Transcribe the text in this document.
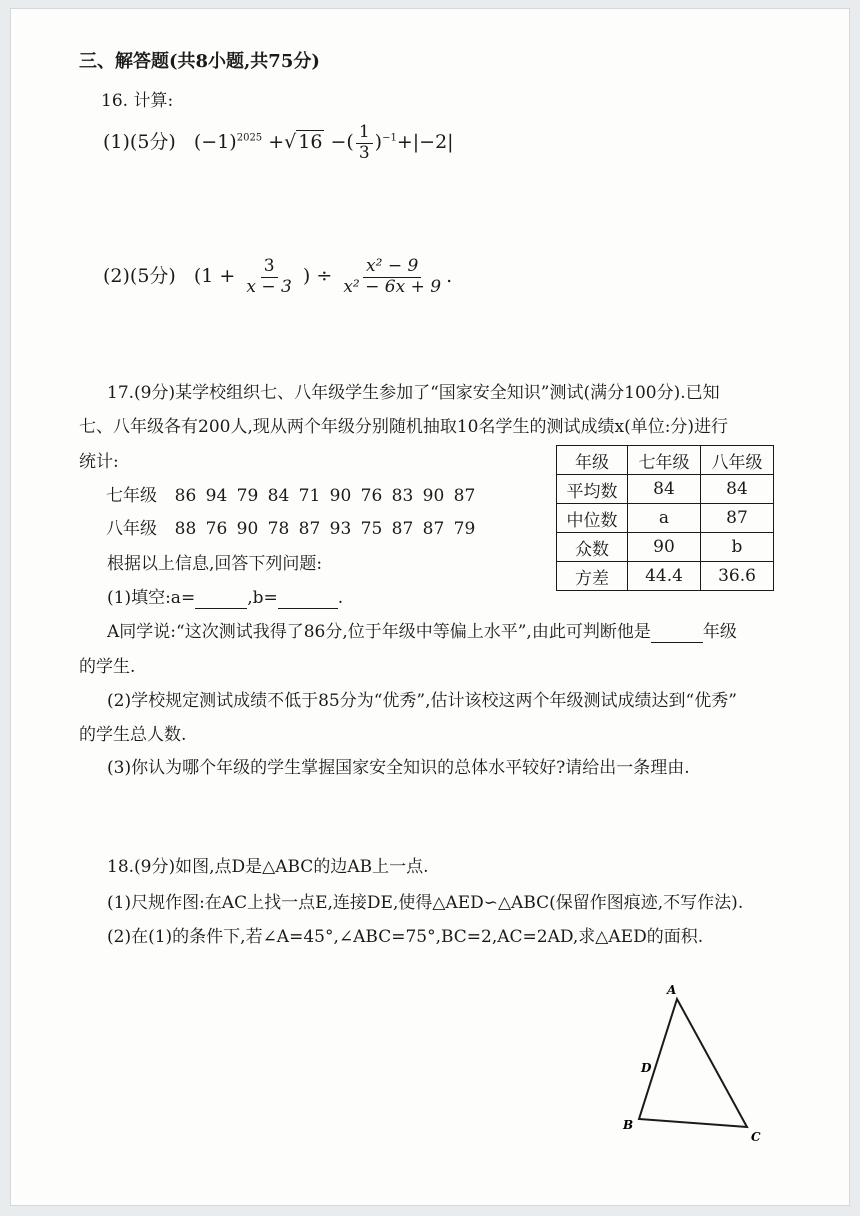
三、解答题(共8小题,共75分)
16. 计算:
(1)(5分) $(-1)^{2025}$ +√ 16 −( $\frac{1}{3} )^{-1}+|-2|$
(2)(5分) ($1 + \frac{3}{x - 3}$ ) ÷ $\frac{\text{x² − 9}}{\text{x² − 6x + 9}}$ .
17.(9分)某学校组织七、八年级学生参加了“国家安全知识”测试(满分100分).已知
七、八年级各有200人,现从两个年级分别随机抽取10名学生的测试成绩x(单位:分)进行
统计:
七年级 86 94 79 84 71 90 76 83 90 87
八年级 88 76 90 78 87 93 75 87 87 79
年级	七年级	八年级
平均数	84	84
中位数	a	87
众数	90	b
方差	44.4	36.6
根据以上信息,回答下列问题:
(1)填空:a=	,b=	.
A同学说:“这次测试我得了86分,位于年级中等偏上水平”,由此可判断他是	年级
的学生.
(2)学校规定测试成绩不低于85分为“优秀”,估计该校这两个年级测试成绩达到“优秀”
的学生总人数.
(3)你认为哪个年级的学生掌握国家安全知识的总体水平较好?请给出一条理由.
18.(9分)如图,点D是△ABC的边AB上一点.
(1)尺规作图:在AC上找一点E,连接DE,使得△AED∽△ABC(保留作图痕迹,不写作法).
(2)在(1)的条件下,若∠A=45°,∠ABC=75°,BC=2,AC=2AD,求△AED的面积.
A
B
C
D
